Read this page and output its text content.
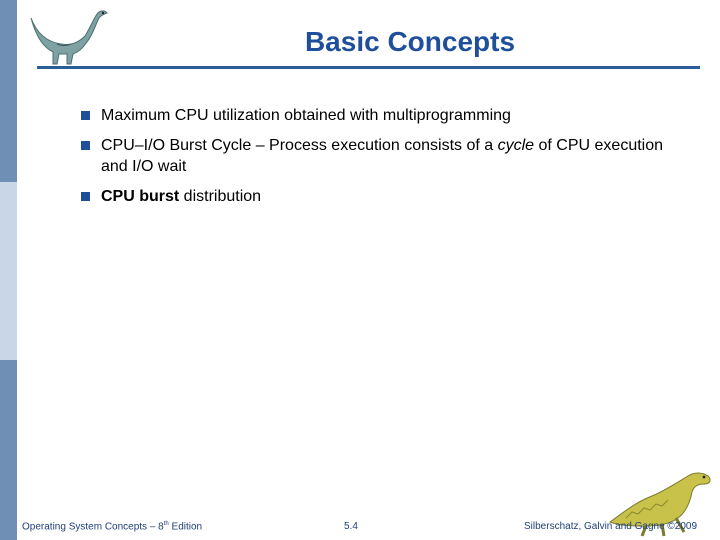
Basic Concepts
Maximum CPU utilization obtained with multiprogramming
CPU–I/O Burst Cycle – Process execution consists of a cycle of CPU execution and I/O wait
CPU burst distribution
Operating System Concepts – 8th Edition	5.4	Silberschatz, Galvin and Gagne ©2009
